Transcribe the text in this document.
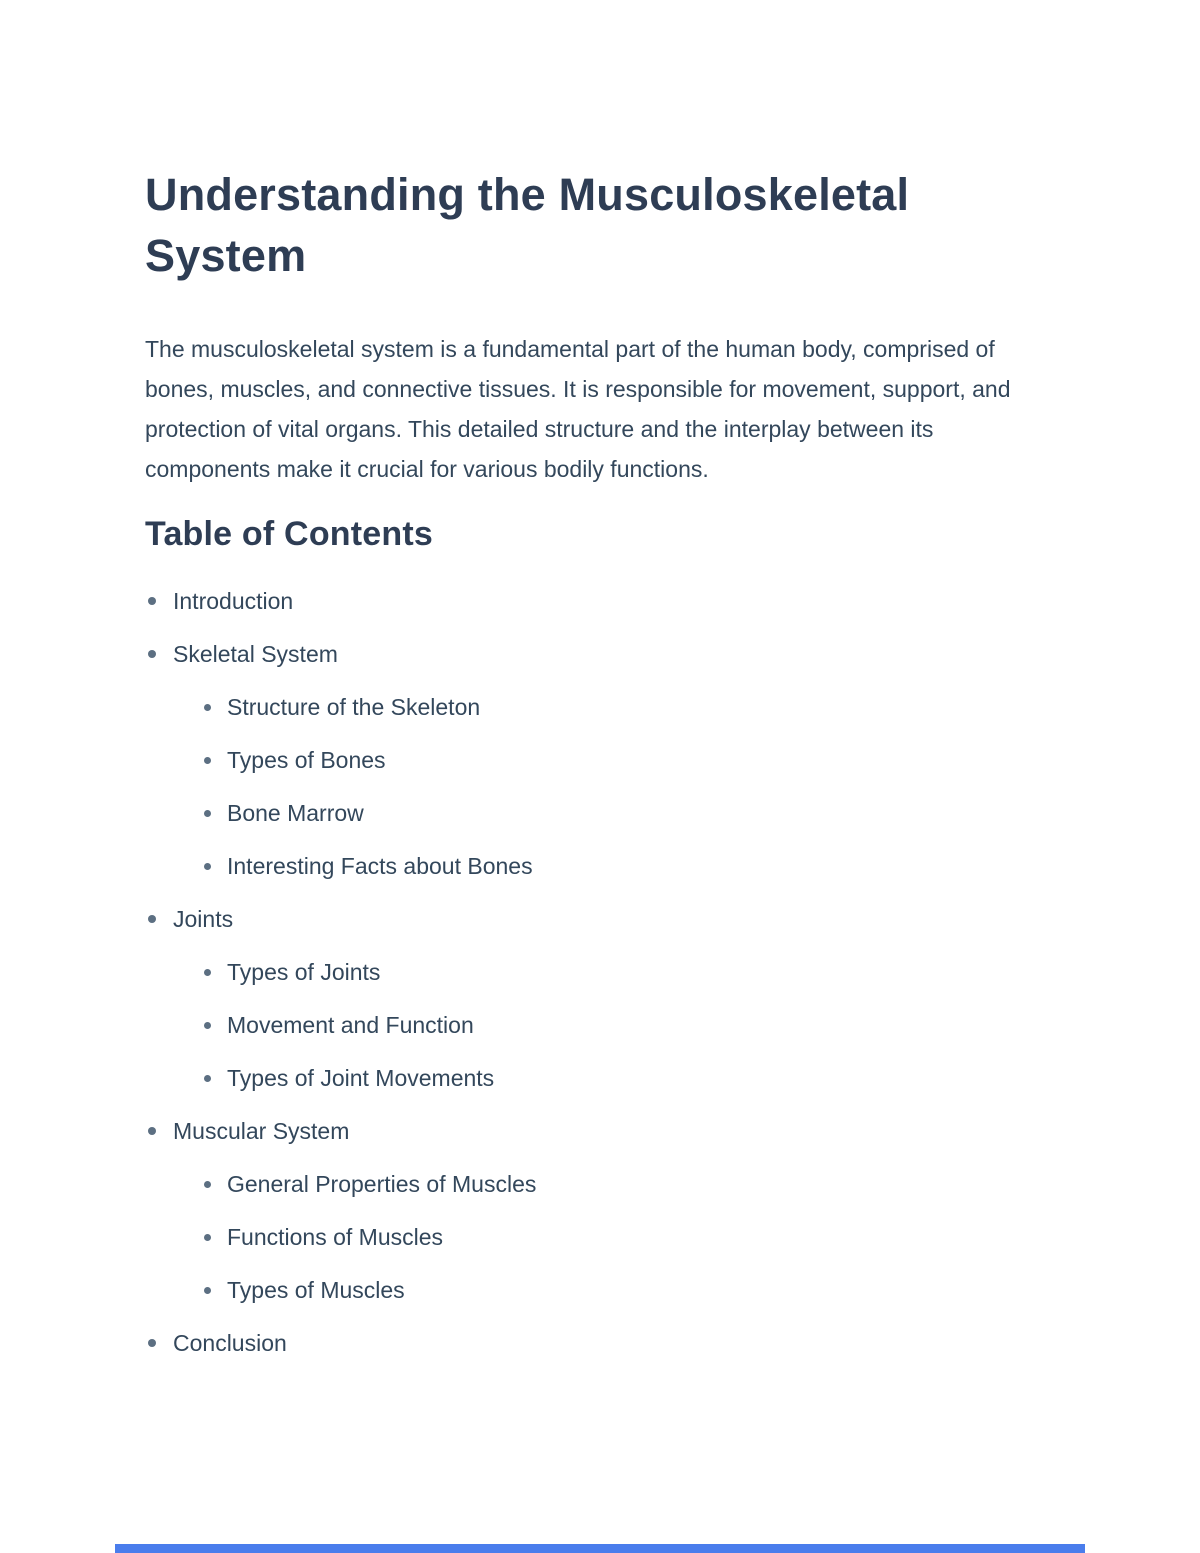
Understanding the Musculoskeletal System

The musculoskeletal system is a fundamental part of the human body, comprised of bones, muscles, and connective tissues. It is responsible for movement, support, and protection of vital organs. This detailed structure and the interplay between its components make it crucial for various bodily functions.

Table of Contents
Introduction
Skeletal System
Structure of the Skeleton
Types of Bones
Bone Marrow
Interesting Facts about Bones
Joints
Types of Joints
Movement and Function
Types of Joint Movements
Muscular System
General Properties of Muscles
Functions of Muscles
Types of Muscles
Conclusion
